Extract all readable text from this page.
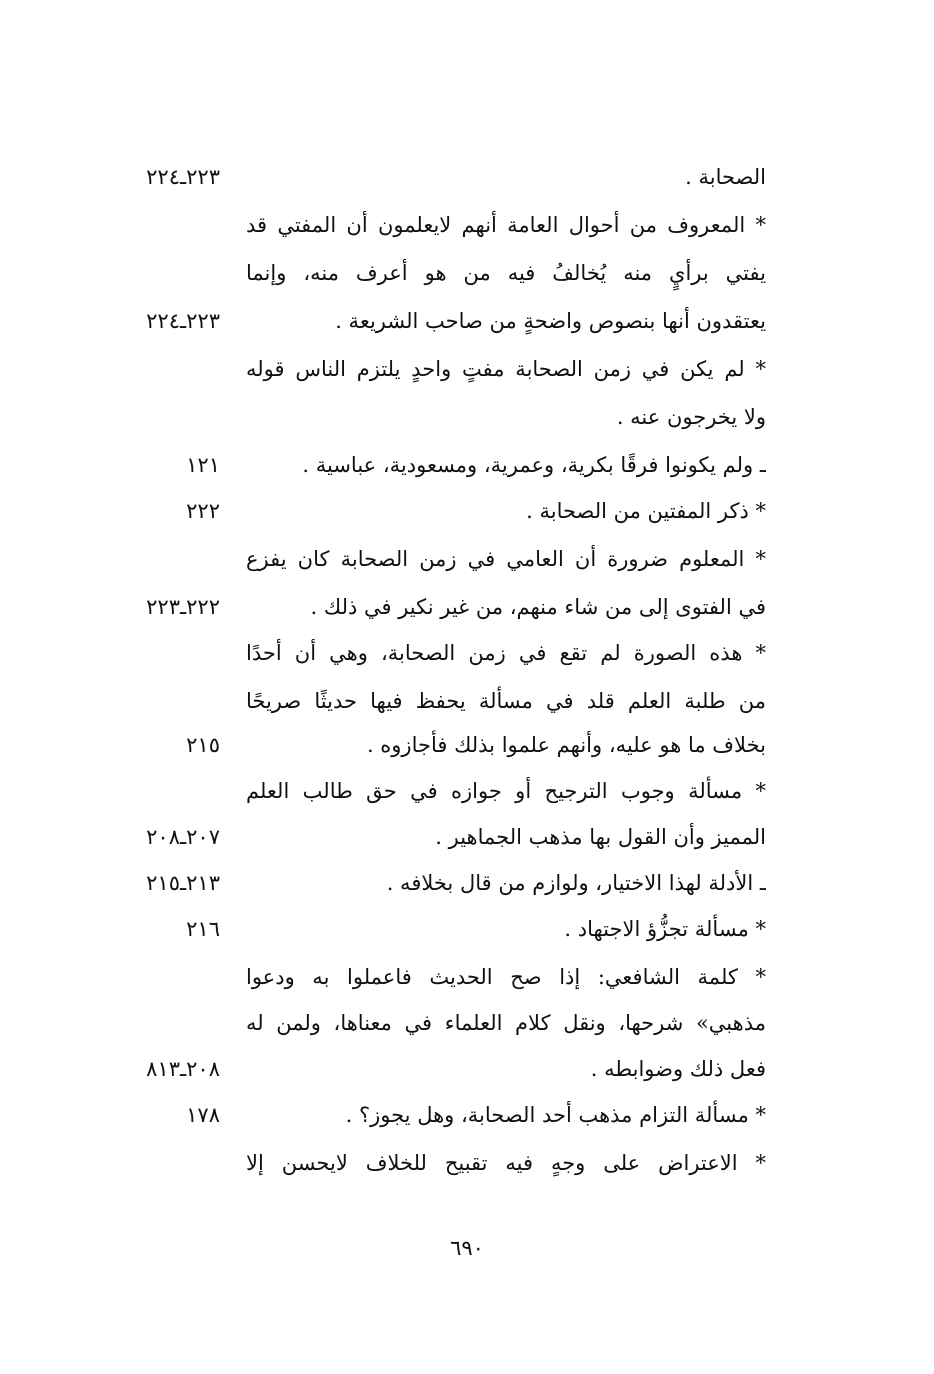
الصحابة .
٢٢٣ـ٢٢٤
* المعروف من أحوال العامة أنهم لايعلمون أن المفتي قد
يفتي برأيٍ منه يُخالفُ فيه من هو أعرف منه، وإنما
يعتقدون أنها بنصوص واضحةٍ من صاحب الشريعة .
٢٢٣ـ٢٢٤
* لم يكن في زمن الصحابة مفتٍ واحدٍ يلتزم الناس قوله
ولا يخرجون عنه .
ـ ولم يكونوا فرقًا بكرية، وعمرية، ومسعودية، عباسية .
١٢١
* ذكر المفتين من الصحابة .
٢٢٢
* المعلوم ضرورة أن العامي في زمن الصحابة كان يفزع
في الفتوى إلى من شاء منهم، من غير نكير في ذلك .
٢٢٢ـ٢٢٣
* هذه الصورة لم تقع في زمن الصحابة، وهي أن أحدًا
من طلبة العلم قلد في مسألة يحفظ فيها حديثًا صريحًا
بخلاف ما هو عليه، وأنهم علموا بذلك فأجازوه .
٢١٥
* مسألة وجوب الترجيح أو جوازه في حق طالب العلم
المميز وأن القول بها مذهب الجماهير .
٢٠٧ـ٢٠٨
ـ الأدلة لهذا الاختيار، ولوازم من قال بخلافه .
٢١٣ـ٢١٥
* مسألة تجزُّؤ الاجتهاد .
٢١٦
* كلمة الشافعي: إذا صح الحديث فاعملوا به ودعوا
مذهبي» شرحها، ونقل كلام العلماء في معناها، ولمن له
فعل ذلك وضوابطه .
٢٠٨ـ٨١٣
* مسألة التزام مذهب أحد الصحابة، وهل يجوز؟ .
١٧٨
* الاعتراض على وجهٍ فيه تقبيح للخلاف لايحسن إلا
٦٩٠
